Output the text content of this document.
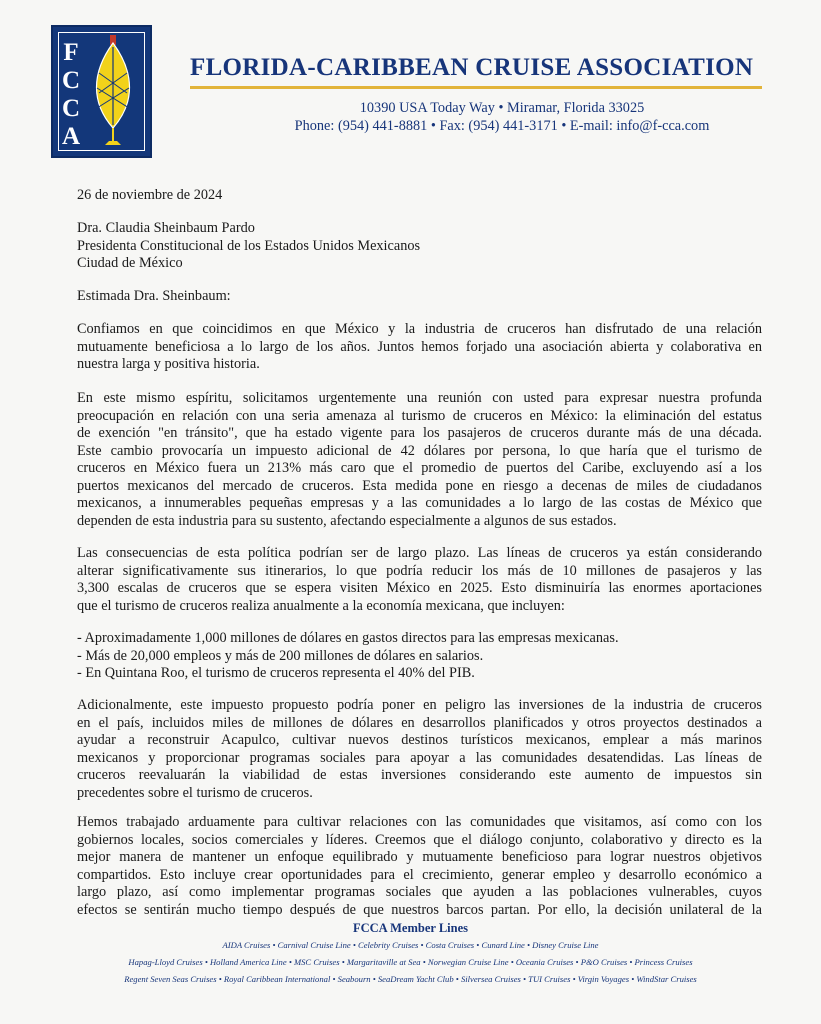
F
C
C
A
FLORIDA-CARIBBEAN CRUISE ASSOCIATION
10390 USA Today Way • Miramar, Florida 33025
Phone: (954) 441-8881 • Fax: (954) 441-3171 • E-mail: info@f-cca.com
26 de noviembre de 2024
Dra. Claudia Sheinbaum Pardo
Presidenta Constitucional de los Estados Unidos Mexicanos
Ciudad de México
Estimada Dra. Sheinbaum:
Confiamos en que coincidimos en que México y la industria de cruceros han disfrutado de una relación
mutuamente beneficiosa a lo largo de los años. Juntos hemos forjado una asociación abierta y colaborativa en
nuestra larga y positiva historia.
En este mismo espíritu, solicitamos urgentemente una reunión con usted para expresar nuestra profunda
preocupación en relación con una seria amenaza al turismo de cruceros en México: la eliminación del estatus
de exención "en tránsito", que ha estado vigente para los pasajeros de cruceros durante más de una década.
Este cambio provocaría un impuesto adicional de 42 dólares por persona, lo que haría que el turismo de
cruceros en México fuera un 213% más caro que el promedio de puertos del Caribe, excluyendo así a los
puertos mexicanos del mercado de cruceros. Esta medida pone en riesgo a decenas de miles de ciudadanos
mexicanos, a innumerables pequeñas empresas y a las comunidades a lo largo de las costas de México que
dependen de esta industria para su sustento, afectando especialmente a algunos de sus estados.
Las consecuencias de esta política podrían ser de largo plazo. Las líneas de cruceros ya están considerando
alterar significativamente sus itinerarios, lo que podría reducir los más de 10 millones de pasajeros y las
3,300 escalas de cruceros que se espera visiten México en 2025. Esto disminuiría las enormes aportaciones
que el turismo de cruceros realiza anualmente a la economía mexicana, que incluyen:
- Aproximadamente 1,000 millones de dólares en gastos directos para las empresas mexicanas.
- Más de 20,000 empleos y más de 200 millones de dólares en salarios.
- En Quintana Roo, el turismo de cruceros representa el 40% del PIB.
Adicionalmente, este impuesto propuesto podría poner en peligro las inversiones de la industria de cruceros
en el país, incluidos miles de millones de dólares en desarrollos planificados y otros proyectos destinados a
ayudar a reconstruir Acapulco, cultivar nuevos destinos turísticos mexicanos, emplear a más marinos
mexicanos y proporcionar programas sociales para apoyar a las comunidades desatendidas. Las líneas de
cruceros reevaluarán la viabilidad de estas inversiones considerando este aumento de impuestos sin
precedentes sobre el turismo de cruceros.
Hemos trabajado arduamente para cultivar relaciones con las comunidades que visitamos, así como con los
gobiernos locales, socios comerciales y líderes. Creemos que el diálogo conjunto, colaborativo y directo es la
mejor manera de mantener un enfoque equilibrado y mutuamente beneficioso para lograr nuestros objetivos
compartidos. Esto incluye crear oportunidades para el crecimiento, generar empleo y desarrollo económico a
largo plazo, así como implementar programas sociales que ayuden a las poblaciones vulnerables, cuyos
efectos se sentirán mucho tiempo después de que nuestros barcos partan. Por ello, la decisión unilateral de la
FCCA Member Lines
AIDA Cruises • Carnival Cruise Line • Celebrity Cruises • Costa Cruises • Cunard Line • Disney Cruise Line
Hapag-Lloyd Cruises • Holland America Line • MSC Cruises • Margaritaville at Sea • Norwegian Cruise Line • Oceania Cruises • P&O Cruises • Princess Cruises
Regent Seven Seas Cruises • Royal Caribbean International • Seabourn • SeaDream Yacht Club • Silversea Cruises • TUI Cruises • Virgin Voyages • WindStar Cruises
